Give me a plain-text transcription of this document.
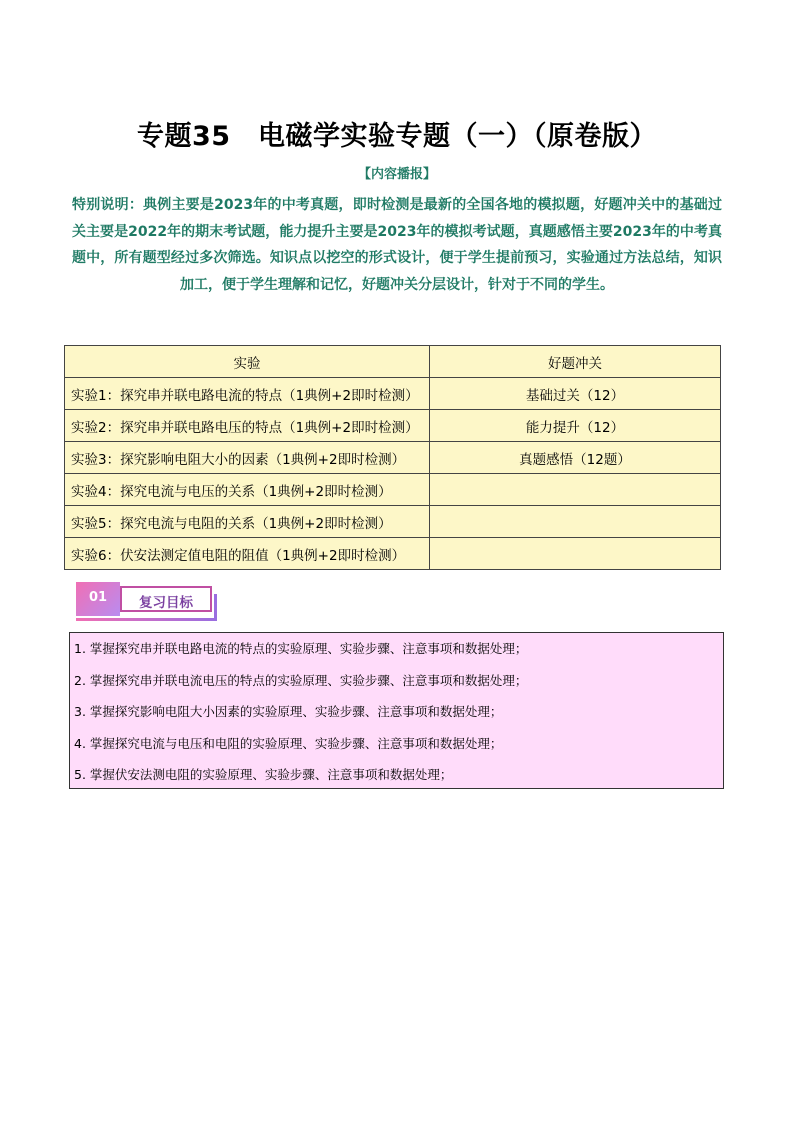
专题35　电磁学实验专题（一）（原卷版）
【内容播报】
特别说明：典例主要是2023年的中考真题，即时检测是最新的全国各地的模拟题，好题冲关中的基础过关主要是2022年的期末考试题，能力提升主要是2023年的模拟考试题，真题感悟主要2023年的中考真题中，所有题型经过多次筛选。知识点以挖空的形式设计，便于学生提前预习，实验通过方法总结，知识加工，便于学生理解和记忆，好题冲关分层设计，针对于不同的学生。
实验	好题冲关
实验1：探究串并联电路电流的特点（1典例+2即时检测）	基础过关（12）
实验2：探究串并联电路电压的特点（1典例+2即时检测）	能力提升（12）
实验3：探究影响电阻大小的因素（1典例+2即时检测）	真题感悟（12题）
实验4：探究电流与电压的关系（1典例+2即时检测）	
实验5：探究电流与电阻的关系（1典例+2即时检测）	
实验6：伏安法测定值电阻的阻值（1典例+2即时检测）	
01	复习目标
1. 掌握探究串并联电路电流的特点的实验原理、实验步骤、注意事项和数据处理；
2. 掌握探究串并联电流电压的特点的实验原理、实验步骤、注意事项和数据处理；
3. 掌握探究影响电阻大小因素的实验原理、实验步骤、注意事项和数据处理；
4. 掌握探究电流与电压和电阻的实验原理、实验步骤、注意事项和数据处理；
5. 掌握伏安法测电阻的实验原理、实验步骤、注意事项和数据处理；
